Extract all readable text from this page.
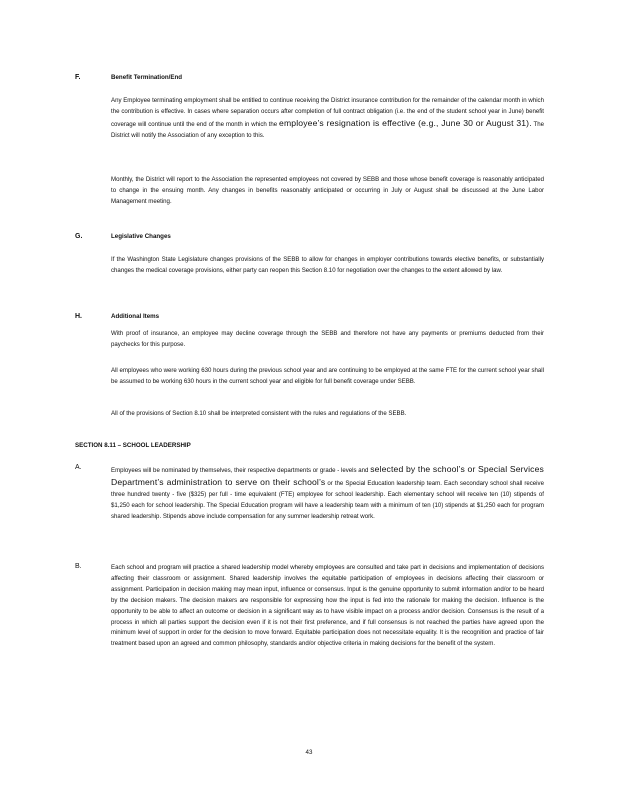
F.	Benefit Termination/End

Any Employee terminating employment shall be entitled to continue receiving the District insurance contribution for the remainder of the calendar month in which the contribution is effective. In cases where separation occurs after completion of full contract obligation (i.e. the end of the student school year in June) benefit coverage will continue until the end of the month in which the employee’s resignation is effective (e.g., June 30 or August 31). The District will notify the Association of any exception to this.

Monthly, the District will report to the Association the represented employees not covered by SEBB and those whose benefit coverage is reasonably anticipated to change in the ensuing month. Any changes in benefits reasonably anticipated or occurring in July or August shall be discussed at the June Labor Management meeting.

G.	Legislative Changes

If the Washington State Legislature changes provisions of the SEBB to allow for changes in employer contributions towards elective benefits, or substantially changes the medical coverage provisions, either party can reopen this Section 8.10 for negotiation over the changes to the extent allowed by law.

H.	Additional Items

With proof of insurance, an employee may decline coverage through the SEBB and therefore not have any payments or premiums deducted from their paychecks for this purpose.

All employees who were working 630 hours during the previous school year and are continuing to be employed at the same FTE for the current school year shall be assumed to be working 630 hours in the current school year and eligible for full benefit coverage under SEBB.

All of the provisions of Section 8.10 shall be interpreted consistent with the rules and regulations of the SEBB.

SECTION 8.11 – SCHOOL LEADERSHIP
A.	Employees will be nominated by themselves, their respective departments or grade - levels and selected by the school’s or Special Services Department’s administration to serve on their school’s or the Special Education leadership team. Each secondary school shall receive three hundred twenty - five ($325) per full - time equivalent (FTE) employee for school leadership. Each elementary school will receive ten (10) stipends of $1,250 each for school leadership. The Special Education program will have a leadership team with a minimum of ten (10) stipends at $1,250 each for program shared leadership. Stipends above include compensation for any summer leadership retreat work.

B.	Each school and program will practice a shared leadership model whereby employees are consulted and take part in decisions and implementation of decisions affecting their classroom or assignment. Shared leadership involves the equitable participation of employees in decisions affecting their classroom or assignment. Participation in decision making may mean input, influence or consensus. Input is the genuine opportunity to submit information and/or to be heard by the decision makers. The decision makers are responsible for expressing how the input is fed into the rationale for making the decision. Influence is the opportunity to be able to affect an outcome or decision in a significant way as to have visible impact on a process and/or decision. Consensus is the result of a process in which all parties support the decision even if it is not their first preference, and if full consensus is not reached the parties have agreed upon the minimum level of support in order for the decision to move forward. Equitable participation does not necessitate equality. It is the recognition and practice of fair treatment based upon an agreed and common philosophy, standards and/or objective criteria in making decisions for the benefit of the system.

43
